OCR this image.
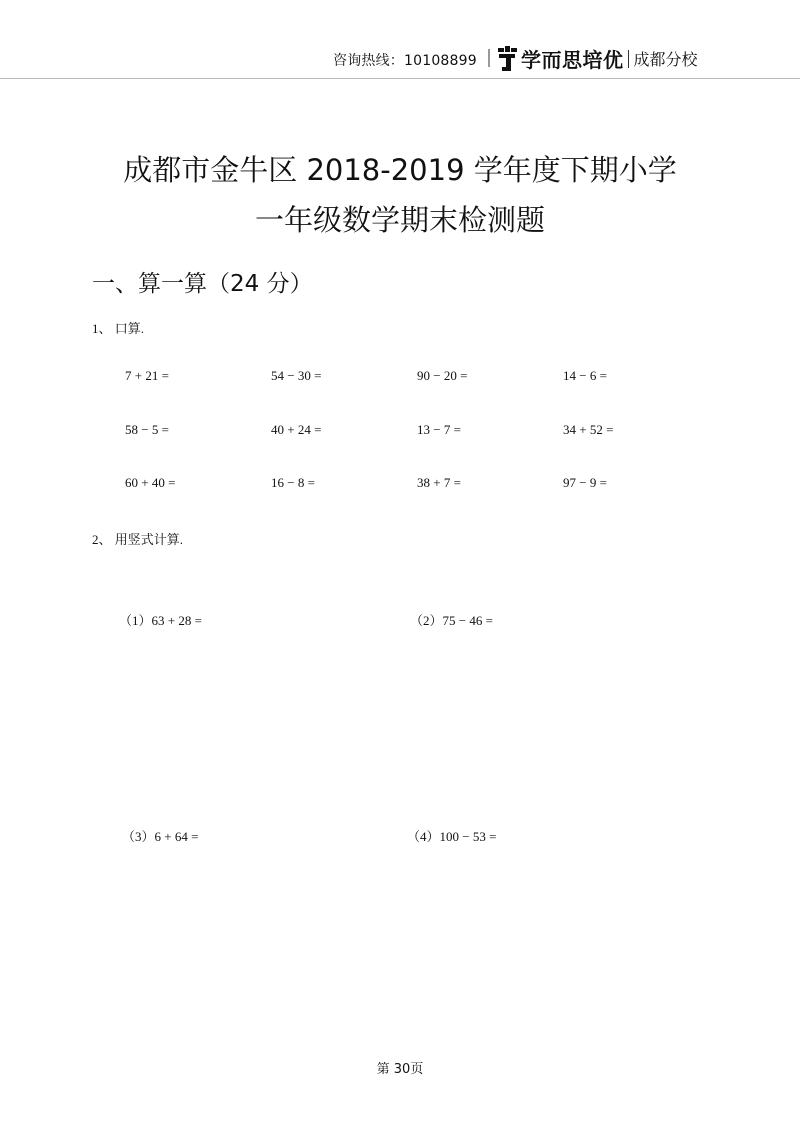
咨询热线：10108899 学而思培优 成都分校
成都市金牛区 2018-2019 学年度下期小学
一年级数学期末检测题
一、算一算（24 分）
1、 口算.
7 + 21 =	54 − 30 =	90 − 20 =	14 − 6 =
58 − 5 =	40 + 24 =	13 − 7 =	34 + 52 =
60 + 40 =	16 − 8 =	38 + 7 =	97 − 9 =
2、 用竖式计算.
（1）63 + 28 =	（2）75 − 46 =
（3）6 + 64 =	（4）100 − 53 =
第 30页
